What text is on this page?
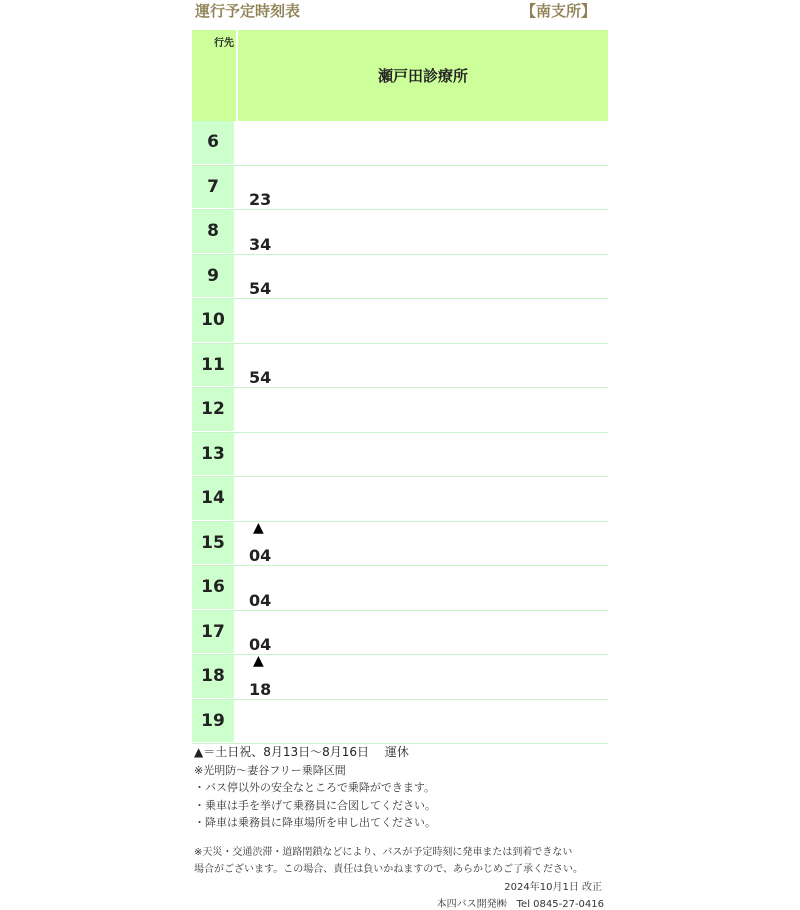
運行予定時刻表	【南支所】
行先
瀬戸田診療所
6
7
23
8
34
9
54
10
11
54
12
13
14
15
▲
04
16
04
17
04
18
▲
18
19
▲＝土日祝、8月13日～8月16日　 運休
※光明防～妻谷フリー乗降区間
・バス停以外の安全なところで乗降ができます。
・乗車は手を挙げて乗務員に合図してください。
・降車は乗務員に降車場所を申し出てください。
※天災・交通渋滞・道路閉鎖などにより、バスが予定時刻に発車または到着できない
場合がございます。この場合、責任は負いかねますので、あらかじめご了承ください。
2024年10月1日 改正
本四バス開発㈱　Tel 0845-27-0416
